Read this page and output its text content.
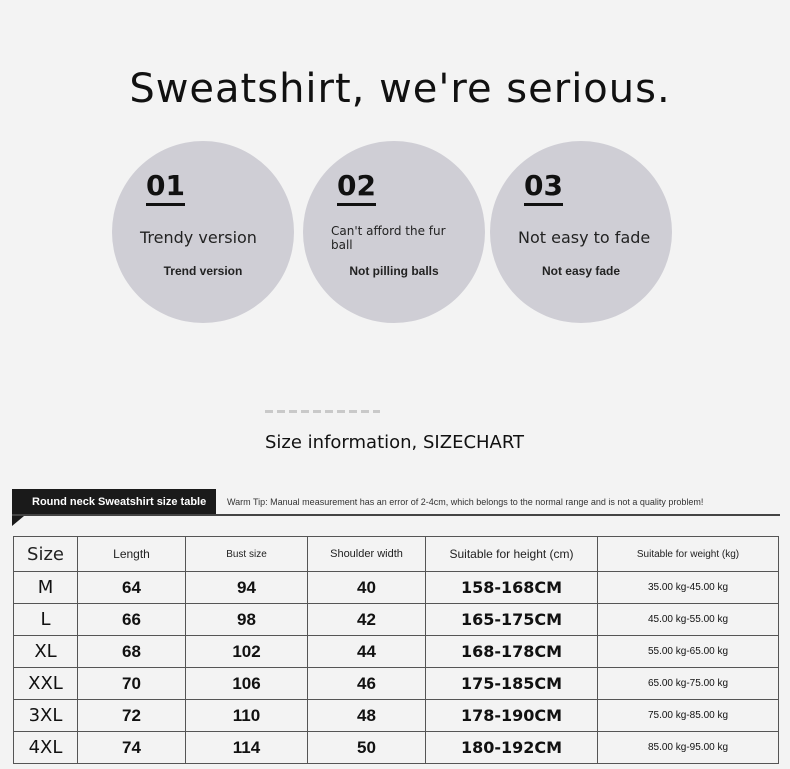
Sweatshirt, we're serious.
01
Trendy version
Trend version
02
Can't afford the fur ball
Not pilling balls
03
Not easy to fade
Not easy fade
Size information, SIZECHART
Round neck Sweatshirt size table	Warm Tip: Manual measurement has an error of 2-4cm, which belongs to the normal range and is not a quality problem!
Size	Length	Bust size	Shoulder width	Suitable for height (cm)	Suitable for weight (kg)
M	64	94	40	158-168CM	35.00 kg-45.00 kg
L	66	98	42	165-175CM	45.00 kg-55.00 kg
XL	68	102	44	168-178CM	55.00 kg-65.00 kg
XXL	70	106	46	175-185CM	65.00 kg-75.00 kg
3XL	72	110	48	178-190CM	75.00 kg-85.00 kg
4XL	74	114	50	180-192CM	85.00 kg-95.00 kg
